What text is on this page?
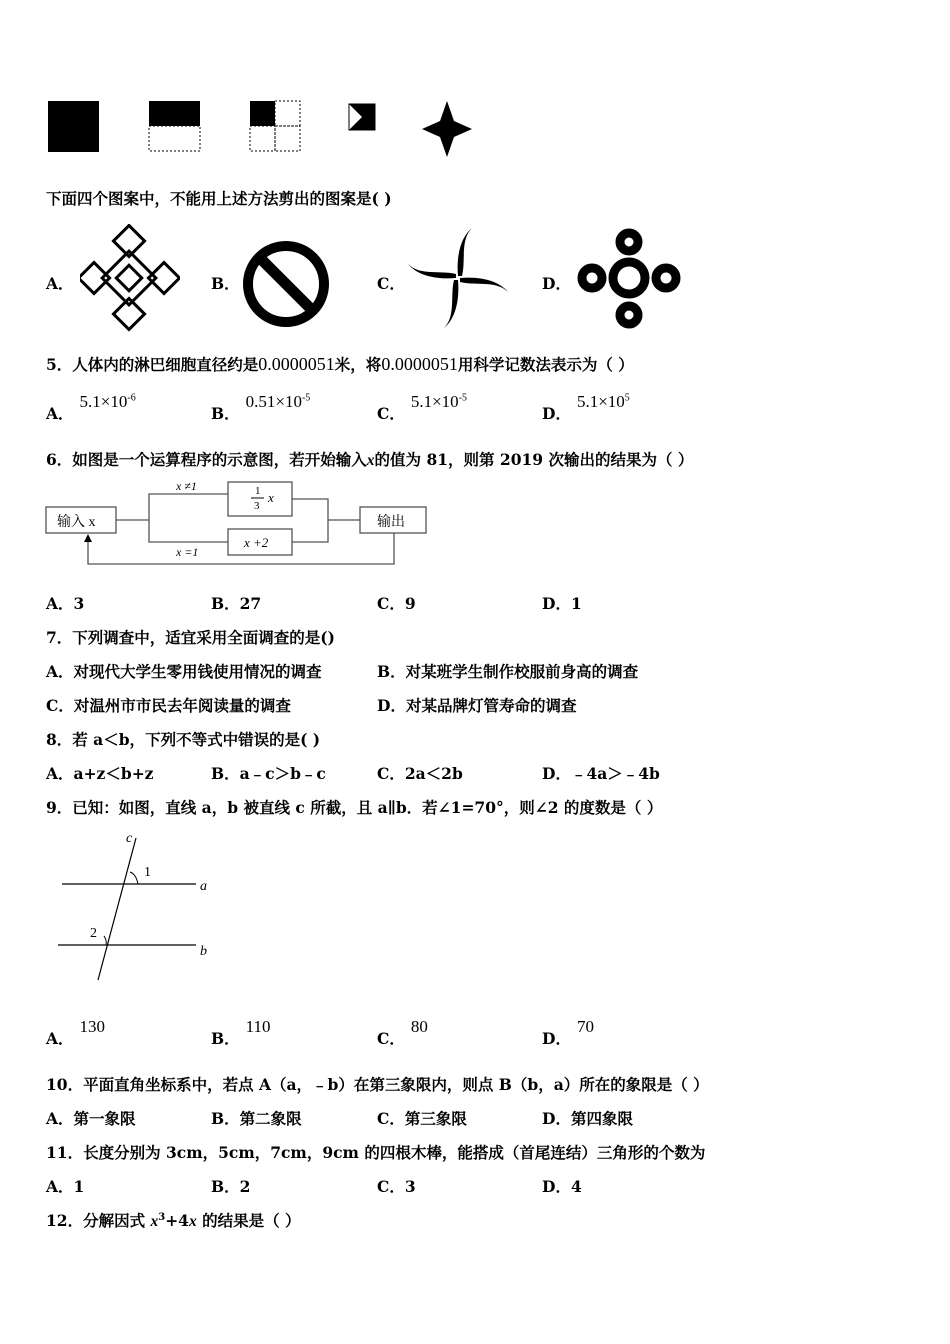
下面四个图案中，不能用上述方法剪出的图案是( )
A．	B．	C．	D．
5．人体内的淋巴细胞直径约是0.0000051米，将0.0000051用科学记数法表示为（ ）
A．$5.1\times 10^{-6}$
B．$0.51\times 10^{-5}$
C．$5.1\times 10^{-5}$
D．$5.1\times 10^5$
6．如图是一个运算程序的示意图，若开始输入x的值为 81，则第 2019 次输出的结果为（ ）
输入 x	输出
x ≠1
x =1
1
3
x
x +2
A．3	B．27	C．9	D．1
7．下列调查中，适宜采用全面调查的是()
A．对现代大学生零用钱使用情况的调查	B．对某班学生制作校服前身高的调查
C．对温州市市民去年阅读量的调查	D．对某品牌灯管寿命的调查
8．若 a＜b，下列不等式中错误的是( )
A．a+z＜b+z	B．a﹣c＞b﹣c	C．2a＜2b	D．﹣4a＞﹣4b
9．已知：如图，直线 a，b 被直线 c 所截，且 a∥b．若∠1=70°，则∠2 的度数是（ ）
c
a
b
1
2
A．130
B．110
C．80
D．70
10．平面直角坐标系中，若点 A（a，﹣b）在第三象限内，则点 B（b，a）所在的象限是（ ）
A．第一象限	B．第二象限	C．第三象限	D．第四象限
11．长度分别为 3cm，5cm，7cm，9cm 的四根木棒，能搭成（首尾连结）三角形的个数为
A．1	B．2	C．3	D．4
12．分解因式 $x^3+4x$ 的结果是（ ）
